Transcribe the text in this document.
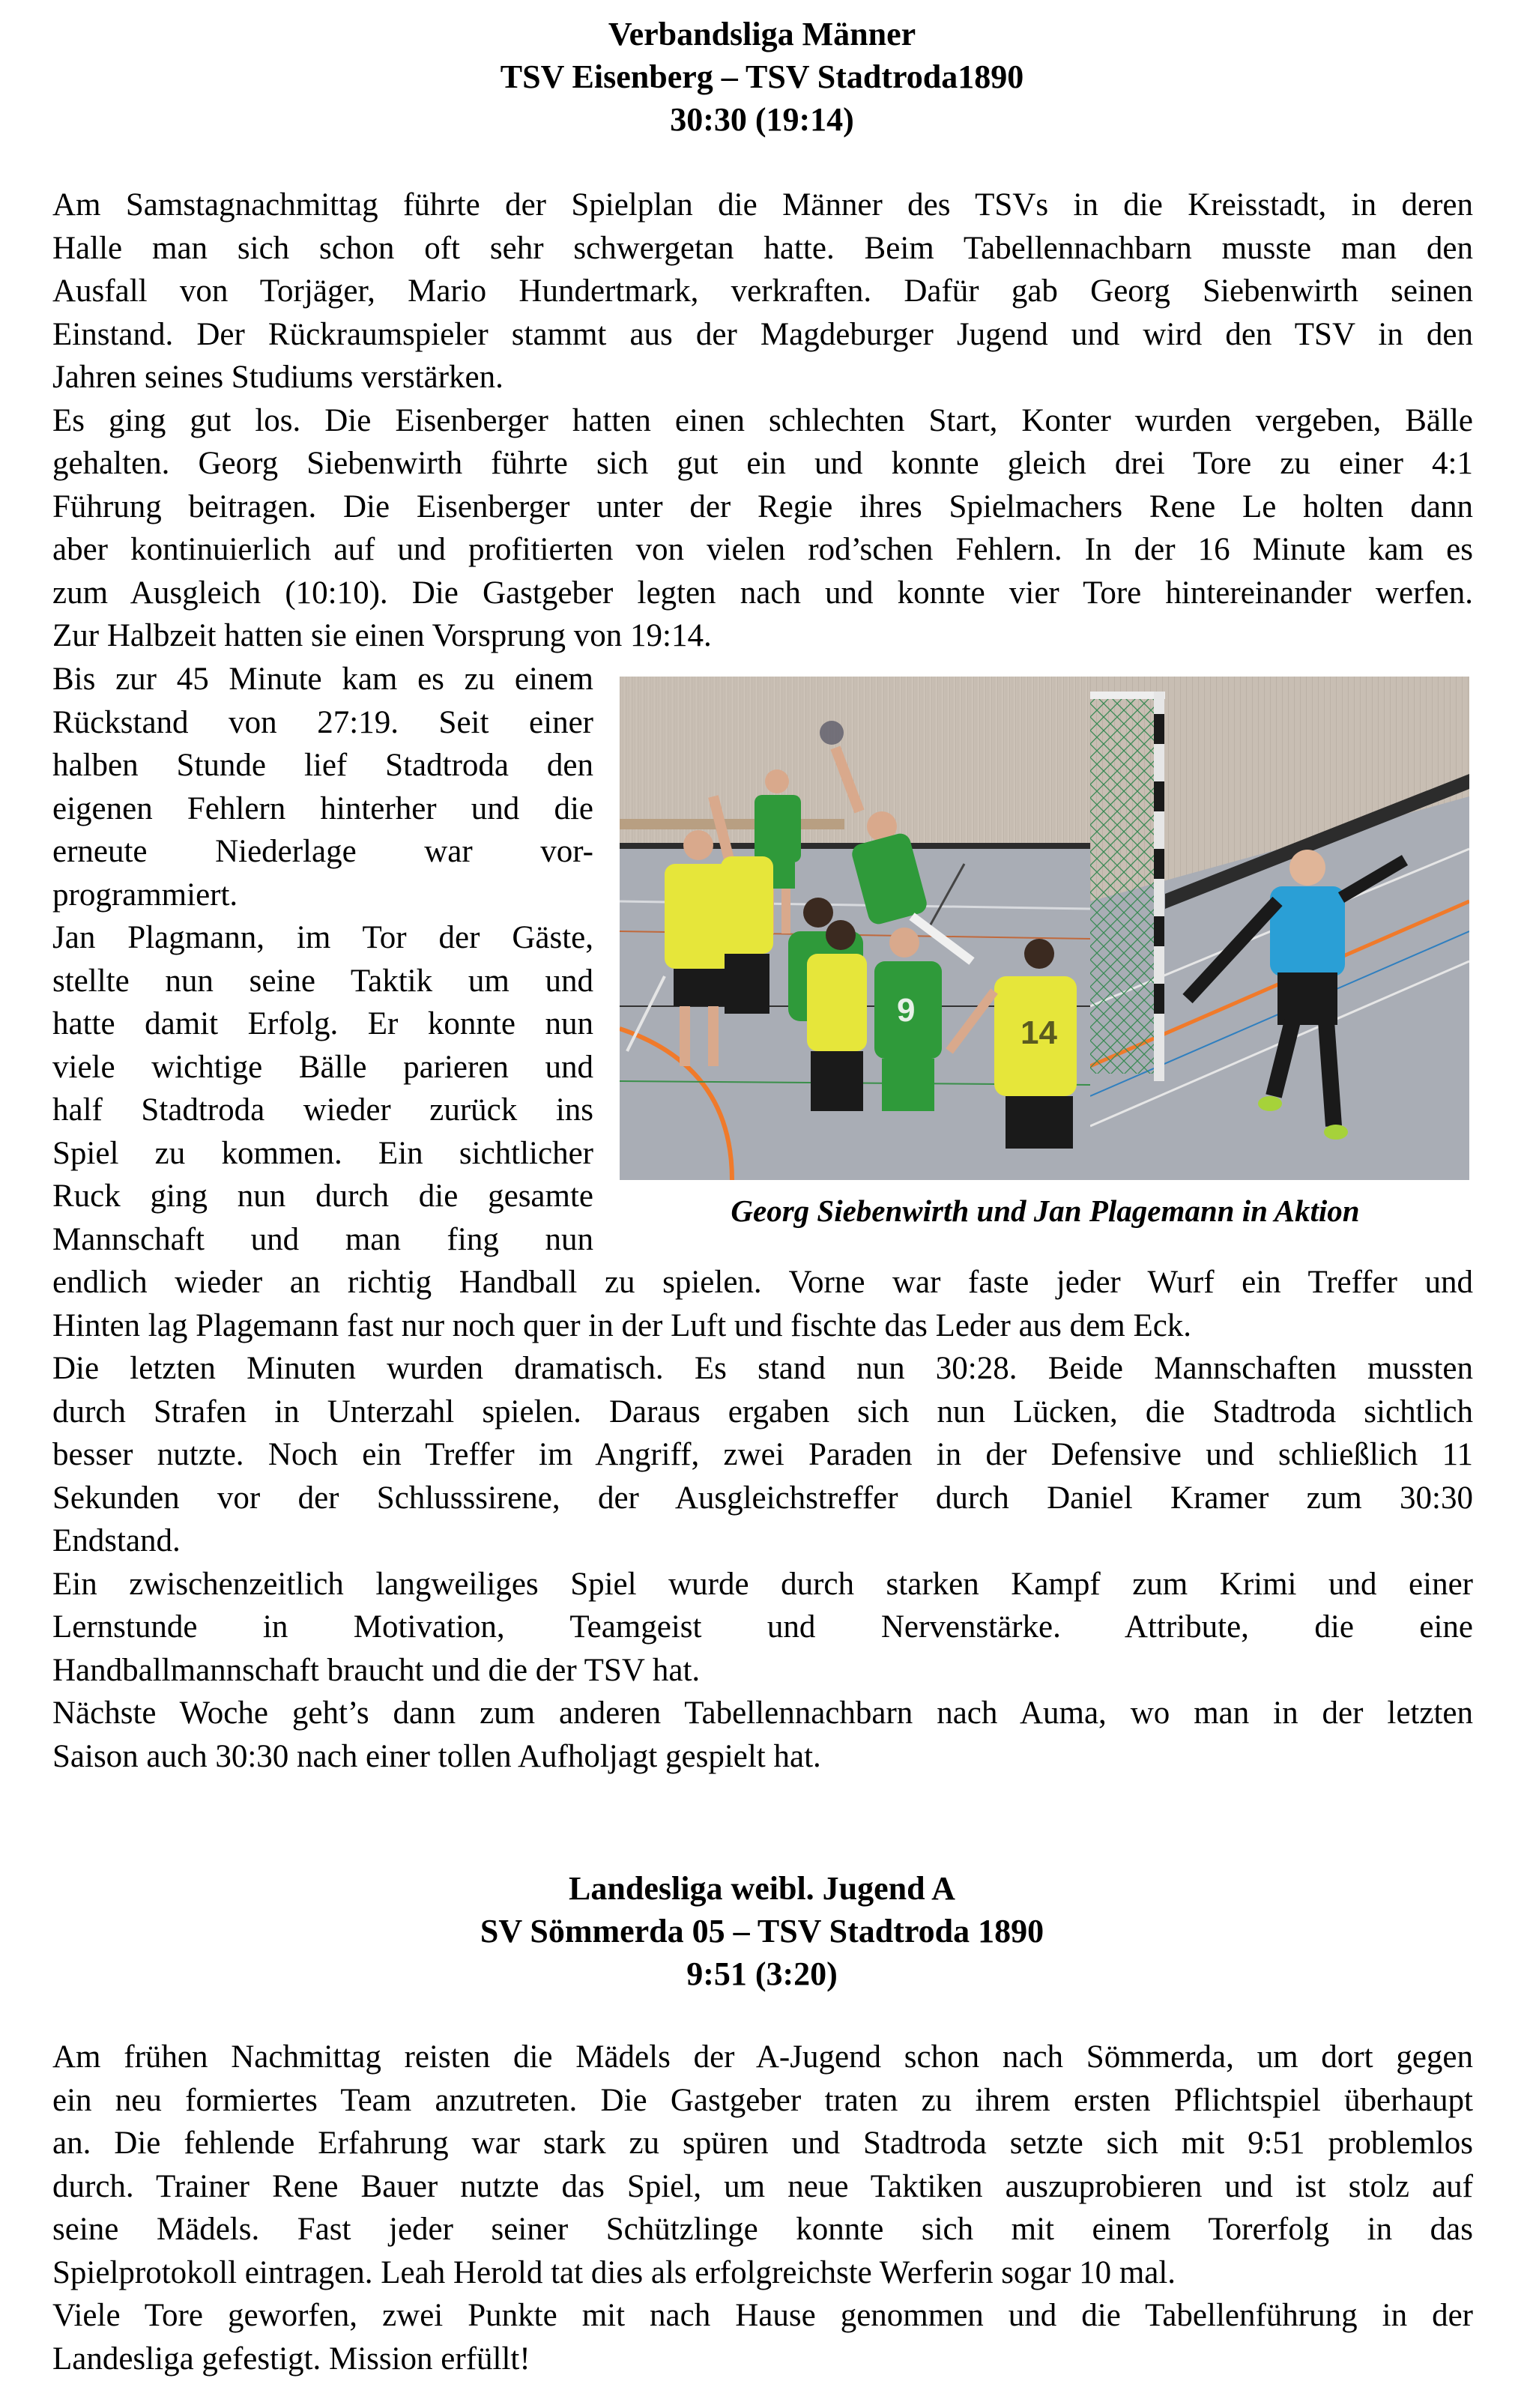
Verbandsliga Männer
TSV Eisenberg – TSV Stadtroda1890
30:30 (19:14)
Am Samstagnachmittag führte der Spielplan die Männer des TSVs in die Kreisstadt, in deren
Halle man sich schon oft sehr schwergetan hatte. Beim Tabellennachbarn musste man den
Ausfall von Torjäger, Mario Hundertmark, verkraften. Dafür gab Georg Siebenwirth seinen
Einstand. Der Rückraumspieler stammt aus der Magdeburger Jugend und wird den TSV in den
Jahren seines Studiums verstärken.
Es ging gut los. Die Eisenberger hatten einen schlechten Start, Konter wurden vergeben, Bälle
gehalten. Georg Siebenwirth führte sich gut ein und konnte gleich drei Tore zu einer 4:1
Führung beitragen. Die Eisenberger unter der Regie ihres Spielmachers Rene Le holten dann
aber kontinuierlich auf und profitierten von vielen rod’schen Fehlern. In der 16 Minute kam es
zum Ausgleich (10:10). Die Gastgeber legten nach und konnte vier Tore hintereinander werfen.
Zur Halbzeit hatten sie einen Vorsprung von 19:14.
Bis zur 45 Minute kam es zu einem
Rückstand von 27:19. Seit einer
halben Stunde lief Stadtroda den
eigenen Fehlern hinterher und die
erneute Niederlage war vor-
programmiert.
Jan Plagmann, im Tor der Gäste,
stellte nun seine Taktik um und
hatte damit Erfolg. Er konnte nun
viele wichtige Bälle parieren und
half Stadtroda wieder zurück ins
Spiel zu kommen. Ein sichtlicher
Ruck ging nun durch die gesamte
Mannschaft und man fing nun
9
14
Georg Siebenwirth und Jan Plagemann in Aktion
endlich wieder an richtig Handball zu spielen. Vorne war faste jeder Wurf ein Treffer und
Hinten lag Plagemann fast nur noch quer in der Luft und fischte das Leder aus dem Eck.
Die letzten Minuten wurden dramatisch. Es stand nun 30:28. Beide Mannschaften mussten
durch Strafen in Unterzahl spielen. Daraus ergaben sich nun Lücken, die Stadtroda sichtlich
besser nutzte. Noch ein Treffer im Angriff, zwei Paraden in der Defensive und schließlich 11
Sekunden vor der Schlusssirene, der Ausgleichstreffer durch Daniel Kramer zum 30:30
Endstand.
Ein zwischenzeitlich langweiliges Spiel wurde durch starken Kampf zum Krimi und einer
Lernstunde in Motivation, Teamgeist und Nervenstärke. Attribute, die eine
Handballmannschaft braucht und die der TSV hat.
Nächste Woche geht’s dann zum anderen Tabellennachbarn nach Auma, wo man in der letzten
Saison auch 30:30 nach einer tollen Aufholjagt gespielt hat.
Landesliga weibl. Jugend A
SV Sömmerda 05 – TSV Stadtroda 1890
9:51 (3:20)
Am frühen Nachmittag reisten die Mädels der A-Jugend schon nach Sömmerda, um dort gegen
ein neu formiertes Team anzutreten. Die Gastgeber traten zu ihrem ersten Pflichtspiel überhaupt
an. Die fehlende Erfahrung war stark zu spüren und Stadtroda setzte sich mit 9:51 problemlos
durch. Trainer Rene Bauer nutzte das Spiel, um neue Taktiken auszuprobieren und ist stolz auf
seine Mädels. Fast jeder seiner Schützlinge konnte sich mit einem Torerfolg in das
Spielprotokoll eintragen. Leah Herold tat dies als erfolgreichste Werferin sogar 10 mal.
Viele Tore geworfen, zwei Punkte mit nach Hause genommen und die Tabellenführung in der
Landesliga gefestigt. Mission erfüllt!
